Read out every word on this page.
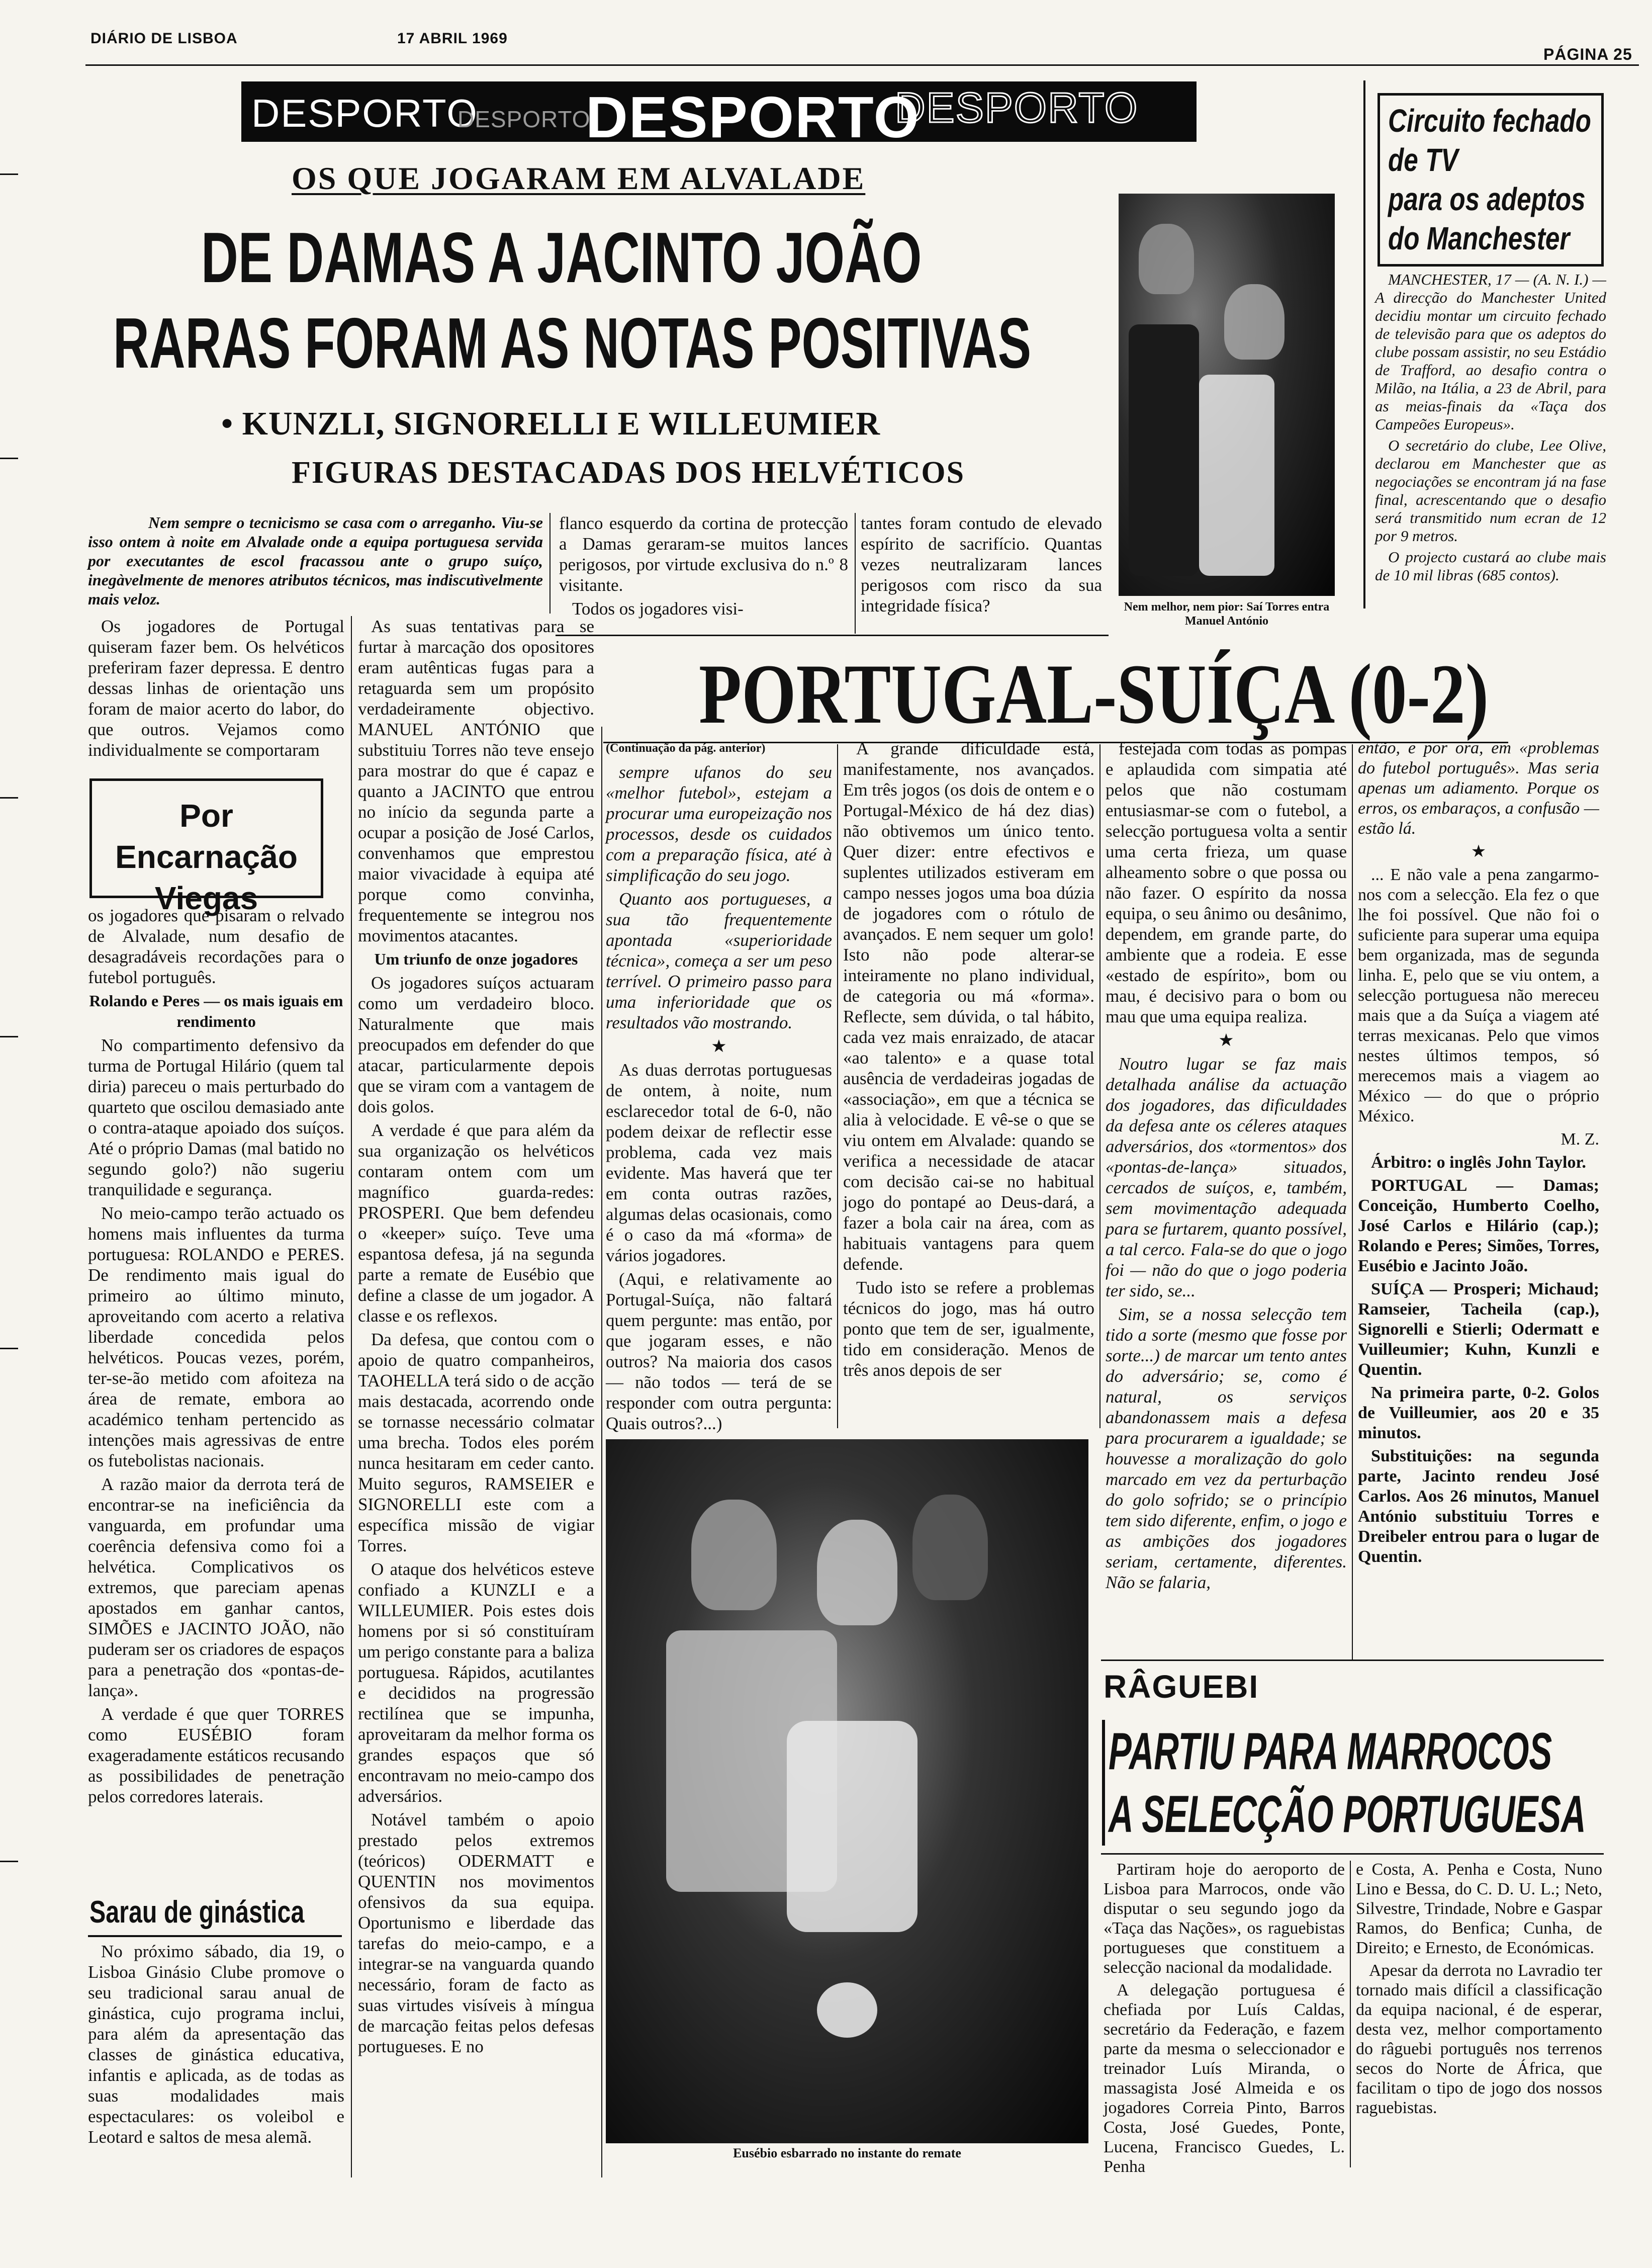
DIÁRIO DE LISBOA	17 ABRIL 1969
PÁGINA 25
DESPORTO
DESPORTO
DESPORTO
DESPORTO
OS QUE JOGARAM EM ALVALADE
DE DAMAS A JACINTO JOÃO
RARAS FORAM AS NOTAS POSITIVAS
• KUNZLI, SIGNORELLI E WILLEUMIER
FIGURAS DESTACADAS DOS HELVÉTICOS
Nem melhor, nem pior: Saí Torres entra Manuel António
Circuito fechado
de TV
para os adeptos
do Manchester

MANCHESTER, 17 — (A. N. I.) — A direcção do Manchester United decidiu montar um circuito fechado de televisão para que os adeptos do clube possam assistir, no seu Estádio de Trafford, ao desafio contra o Milão, na Itália, a 23 de Abril, para as meias-finais da «Taça dos Campeões Europeus».

O secretário do clube, Lee Olive, declarou em Manchester que as negociações se encontram já na fase final, acrescentando que o desafio será transmitido num ecran de 12 por 9 metros.

O projecto custará ao clube mais de 10 mil libras (685 contos).

Nem sempre o tecnicismo se casa com o arreganho. Viu-se isso ontem à noite em Alvalade onde a equipa portuguesa servida por executantes de escol fracassou ante o grupo suíço, inegàvelmente de menores atributos técnicos, mas indiscutìvelmente mais veloz.

flanco esquerdo da cortina de protecção a Damas geraram-se muitos lances perigosos, por virtude exclusiva do n.º 8 visitante.

Todos os jogadores visi-

tantes foram contudo de elevado espírito de sacrifício. Quantas vezes neutralizaram lances perigosos com risco da sua integridade física?

Os jogadores de Portugal quiseram fazer bem. Os helvéticos preferiram fazer depressa. E dentro dessas linhas de orientação uns foram de maior acerto do labor, do que outros. Vejamos como individualmente se comportaram

Por Encarnação Viegas

os jogadores que pisaram o relvado de Alvalade, num desafio de desagradáveis recordações para o futebol português.

Rolando e Peres — os mais iguais em rendimento

No compartimento defensivo da turma de Portugal Hilário (quem tal diria) pareceu o mais perturbado do quarteto que oscilou demasiado ante o contra-ataque apoiado dos suíços. Até o próprio Damas (mal batido no segundo golo?) não sugeriu tranquilidade e segurança.

No meio-campo terão actuado os homens mais influentes da turma portuguesa: ROLANDO e PERES. De rendimento mais igual do primeiro ao último minuto, aproveitando com acerto a relativa liberdade concedida pelos helvéticos. Poucas vezes, porém, ter-se-ão metido com afoiteza na área de remate, embora ao académico tenham pertencido as intenções mais agressivas de entre os futebolistas nacionais.

A razão maior da derrota terá de encontrar-se na ineficiência da vanguarda, em profundar uma coerência defensiva como foi a helvética. Complicativos os extremos, que pareciam apenas apostados em ganhar cantos, SIMÕES e JACINTO JOÃO, não puderam ser os criadores de espaços para a penetração dos «pontas-de-lança».

A verdade é que quer TORRES como EUSÉBIO foram exageradamente estáticos recusando as possibilidades de penetração pelos corredores laterais.

Sarau de ginástica

No próximo sábado, dia 19, o Lisboa Ginásio Clube promove o seu tradicional sarau anual de ginástica, cujo programa inclui, para além da apresentação das classes de ginástica educativa, infantis e aplicada, as de todas as suas modalidades mais espectaculares: os voleibol e Leotard e saltos de mesa alemã.

As suas tentativas para se furtar à marcação dos opositores eram autênticas fugas para a retaguarda sem um propósito verdadeiramente objectivo. MANUEL ANTÓNIO que substituiu Torres não teve ensejo para mostrar do que é capaz e quanto a JACINTO que entrou no início da segunda parte a ocupar a posição de José Carlos, convenhamos que emprestou maior vivacidade à equipa até porque como convinha, frequentemente se integrou nos movimentos atacantes.

Um triunfo de onze jogadores

Os jogadores suíços actuaram como um verdadeiro bloco. Naturalmente que mais preocupados em defender do que atacar, particularmente depois que se viram com a vantagem de dois golos.

A verdade é que para além da sua organização os helvéticos contaram ontem com um magnífico guarda-redes: PROSPERI. Que bem defendeu o «keeper» suíço. Teve uma espantosa defesa, já na segunda parte a remate de Eusébio que define a classe de um jogador. A classe e os reflexos.

Da defesa, que contou com o apoio de quatro companheiros, TAOHELLA terá sido o de acção mais destacada, acorrendo onde se tornasse necessário colmatar uma brecha. Todos eles porém nunca hesitaram em ceder canto. Muito seguros, RAMSEIER e SIGNORELLI este com a específica missão de vigiar Torres.

O ataque dos helvéticos esteve confiado a KUNZLI e a WILLEUMIER. Pois estes dois homens por si só constituíram um perigo constante para a baliza portuguesa. Rápidos, acutilantes e decididos na progressão rectilínea que se impunha, aproveitaram da melhor forma os grandes espaços que só encontravam no meio-campo dos adversários.

Notável também o apoio prestado pelos extremos (teóricos) ODERMATT e QUENTIN nos movimentos ofensivos da sua equipa. Oportunismo e liberdade das tarefas do meio-campo, e a integrar-se na vanguarda quando necessário, foram de facto as suas virtudes visíveis à míngua de marcação feitas pelos defesas portugueses. E no

PORTUGAL-SUÍÇA (0-2)

(Continuação da pág. anterior)

sempre ufanos do seu «melhor futebol», estejam a procurar uma europeização nos processos, desde os cuidados com a preparação física, até à simplificação do seu jogo.

Quanto aos portugueses, a sua tão frequentemente apontada «superioridade técnica», começa a ser um peso terrível. O primeiro passo para uma inferioridade que os resultados vão mostrando.

★

As duas derrotas portuguesas de ontem, à noite, num esclarecedor total de 6-0, não podem deixar de reflectir esse problema, cada vez mais evidente. Mas haverá que ter em conta outras razões, algumas delas ocasionais, como é o caso da má «forma» de vários jogadores.

(Aqui, e relativamente ao Portugal-Suíça, não faltará quem pergunte: mas então, por que jogaram esses, e não outros? Na maioria dos casos — não todos — terá de se responder com outra pergunta: Quais outros?...)

A grande dificuldade está, manifestamente, nos avançados. Em três jogos (os dois de ontem e o Portugal-México de há dez dias) não obtivemos um único tento. Quer dizer: entre efectivos e suplentes utilizados estiveram em campo nesses jogos uma boa dúzia de jogadores com o rótulo de avançados. E nem sequer um golo! Isto não pode alterar-se inteiramente no plano individual, de categoria ou má «forma». Reflecte, sem dúvida, o tal hábito, cada vez mais enraizado, de atacar «ao talento» e a quase total ausência de verdadeiras jogadas de «associação», em que a técnica se alia à velocidade. E vê-se o que se viu ontem em Alvalade: quando se verifica a necessidade de atacar com decisão cai-se no habitual jogo do pontapé ao Deus-dará, a fazer a bola cair na área, com as habituais vantagens para quem defende.

Tudo isto se refere a problemas técnicos do jogo, mas há outro ponto que tem de ser, igualmente, tido em consideração. Menos de três anos depois de ser

festejada com todas as pompas e aplaudida com simpatia até pelos que não costumam entusiasmar-se com o futebol, a selecção portuguesa volta a sentir uma certa frieza, um quase alheamento sobre o que possa ou não fazer. O espírito da nossa equipa, o seu ânimo ou desânimo, dependem, em grande parte, do ambiente que a rodeia. E esse «estado de espírito», bom ou mau, é decisivo para o bom ou mau que uma equipa realiza.

★

Noutro lugar se faz mais detalhada análise da actuação dos jogadores, das dificuldades da defesa ante os céleres ataques adversários, dos «tormentos» dos «pontas-de-lança» situados, cercados de suíços, e, também, sem movimentação adequada para se furtarem, quanto possível, a tal cerco. Fala-se do que o jogo foi — não do que o jogo poderia ter sido, se...

Sim, se a nossa selecção tem tido a sorte (mesmo que fosse por sorte...) de marcar um tento antes do adversário; se, como é natural, os serviços abandonassem mais a defesa para procurarem a igualdade; se houvesse a moralização do golo marcado em vez da perturbação do golo sofrido; se o princípio tem sido diferente, enfim, o jogo e as ambições dos jogadores seriam, certamente, diferentes. Não se falaria,

então, e por ora, em «problemas do futebol português». Mas seria apenas um adiamento. Porque os erros, os embaraços, a confusão — estão lá.

★

... E não vale a pena zangarmo-nos com a selecção. Ela fez o que lhe foi possível. Que não foi o suficiente para superar uma equipa bem organizada, mas de segunda linha. E, pelo que se viu ontem, a selecção portuguesa não mereceu mais que a da Suíça a viagem até terras mexicanas. Pelo que vimos nestes últimos tempos, só merecemos mais a viagem ao México — do que o próprio México.

M. Z.

Árbitro: o inglês John Taylor.

PORTUGAL — Damas; Conceição, Humberto Coelho, José Carlos e Hilário (cap.); Rolando e Peres; Simões, Torres, Eusébio e Jacinto João.

SUÍÇA — Prosperi; Michaud; Ramseier, Tacheila (cap.), Signorelli e Stierli; Odermatt e Vuilleumier; Kuhn, Kunzli e Quentin.

Na primeira parte, 0-2. Golos de Vuilleumier, aos 20 e 35 minutos.

Substituições: na segunda parte, Jacinto rendeu José Carlos. Aos 26 minutos, Manuel António substituiu Torres e Dreibeler entrou para o lugar de Quentin.

Eusébio esbarrado no instante do remate
RÂGUEBI
PARTIU PARA MARROCOS
A SELECÇÃO PORTUGUESA

Partiram hoje do aeroporto de Lisboa para Marrocos, onde vão disputar o seu segundo jogo da «Taça das Nações», os raguebistas portugueses que constituem a selecção nacional da modalidade.

A delegação portuguesa é chefiada por Luís Caldas, secretário da Federação, e fazem parte da mesma o seleccionador e treinador Luís Miranda, o massagista José Almeida e os jogadores Correia Pinto, Barros Costa, José Guedes, Ponte, Lucena, Francisco Guedes, L. Penha

e Costa, A. Penha e Costa, Nuno Lino e Bessa, do C. D. U. L.; Neto, Silvestre, Trindade, Nobre e Gaspar Ramos, do Benfica; Cunha, de Direito; e Ernesto, de Económicas.

Apesar da derrota no Lavradio ter tornado mais difícil a classificação da equipa nacional, é de esperar, desta vez, melhor comportamento do râguebi português nos terrenos secos do Norte de África, que facilitam o tipo de jogo dos nossos raguebistas.
